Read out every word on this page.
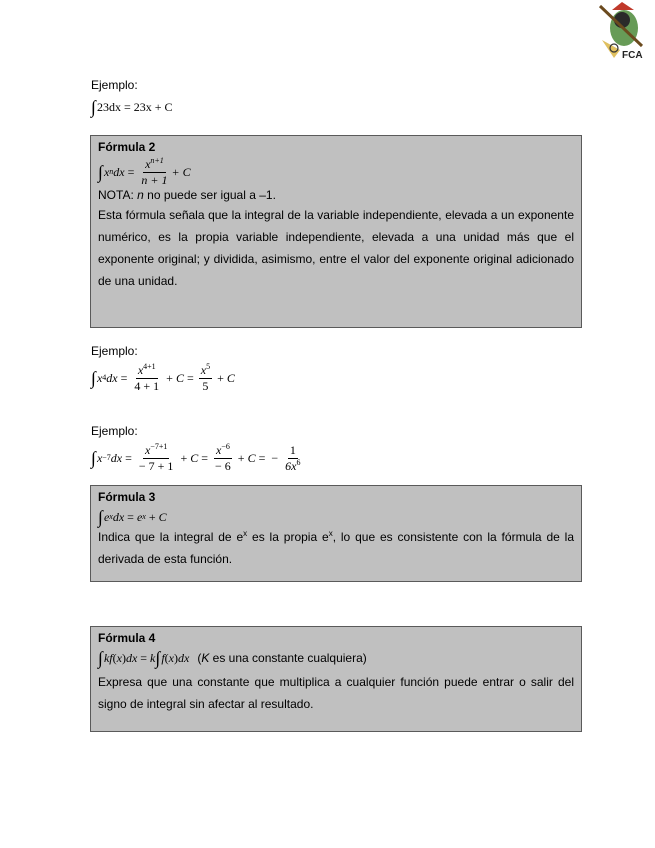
FCA
Ejemplo:
∫ 23dx = 23x + C
Fórmula 2
∫ x n dx = $\frac{x^{n+1}}{n + 1} + C$

NOTA: n no puede ser igual a –1.

Esta fórmula señala que la integral de la variable independiente, elevada a un exponente numérico, es la propia variable independiente, elevada a una unidad más que el exponente original; y dividida, asimismo, entre el valor del exponente original adicionado de una unidad.

Ejemplo:
∫ x 4 dx = $\frac{x^{4+1}}{4 + 1} + C = \frac{x^5}{5} + C$
Ejemplo:
∫ x −7 dx = $\frac{x^{-7+1}}{- 7 + 1} + C = \frac{x^{-6}}{- 6} + C$ = − $\frac{1}{6x^6}$
Fórmula 3
∫ e x dx = e x + C

Indica que la integral de $e^x$ es la propia $e^x$, lo que es consistente con la fórmula de la derivada de esta función.

Fórmula 4
∫ kf ( x ) dx = k ∫ f ( x ) dx (K es una constante cualquiera)

Expresa que una constante que multiplica a cualquier función puede entrar o salir del signo de integral sin afectar al resultado.
